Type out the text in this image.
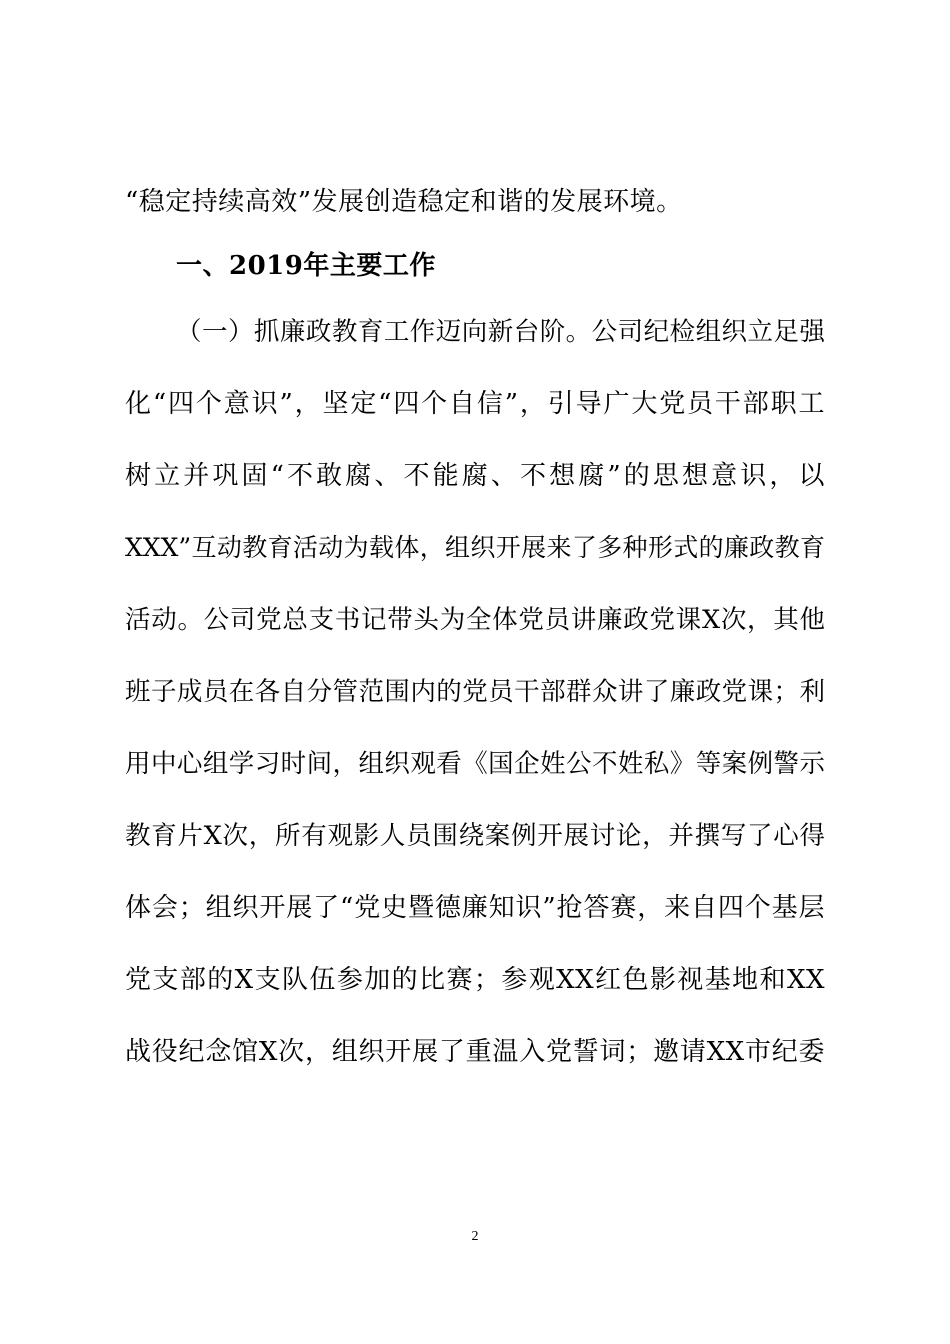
“稳定持续高效”发展创造稳定和谐的发展环境。
一、2019年主要工作
（一）抓廉政教育工作迈向新台阶。公司纪检组织立足强
化“四个意识”，坚定“四个自信”，引导广大党员干部职工
树立并巩固“不敢腐、不能腐、不想腐”的思想意识，以
XXX”互动教育活动为载体，组织开展来了多种形式的廉政教育
活动。公司党总支书记带头为全体党员讲廉政党课X次，其他
班子成员在各自分管范围内的党员干部群众讲了廉政党课；利
用中心组学习时间，组织观看《国企姓公不姓私》等案例警示
教育片X次，所有观影人员围绕案例开展讨论，并撰写了心得
体会；组织开展了“党史暨德廉知识”抢答赛，来自四个基层
党支部的X支队伍参加的比赛；参观XX红色影视基地和XX
战役纪念馆X次，组织开展了重温入党誓词；邀请XX市纪委
2
